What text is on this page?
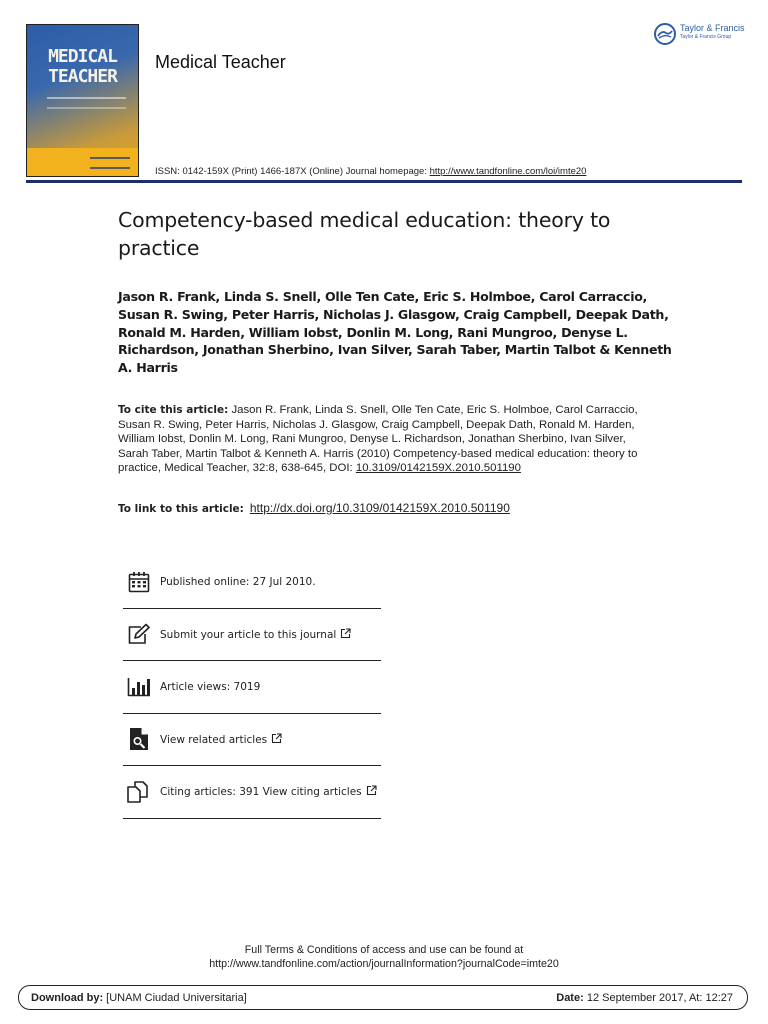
MEDICAL
TEACHER
Medical Teacher
ISSN: 0142-159X (Print) 1466-187X (Online) Journal homepage: http://www.tandfonline.com/loi/imte20
Taylor & Francis
Taylor & Francis Group
Competency-based medical education: theory to practice
Jason R. Frank, Linda S. Snell, Olle Ten Cate, Eric S. Holmboe, Carol Carraccio, Susan R. Swing, Peter Harris, Nicholas J. Glasgow, Craig Campbell, Deepak Dath, Ronald M. Harden, William Iobst, Donlin M. Long, Rani Mungroo, Denyse L. Richardson, Jonathan Sherbino, Ivan Silver, Sarah Taber, Martin Talbot & Kenneth A. Harris
To cite this article: Jason R. Frank, Linda S. Snell, Olle Ten Cate, Eric S. Holmboe, Carol Carraccio, Susan R. Swing, Peter Harris, Nicholas J. Glasgow, Craig Campbell, Deepak Dath, Ronald M. Harden, William Iobst, Donlin M. Long, Rani Mungroo, Denyse L. Richardson, Jonathan Sherbino, Ivan Silver, Sarah Taber, Martin Talbot & Kenneth A. Harris (2010) Competency-based medical education: theory to practice, Medical Teacher, 32:8, 638-645, DOI: 10.3109/0142159X.2010.501190
To link to this article: http://dx.doi.org/10.3109/0142159X.2010.501190
Published online: 27 Jul 2010.
Submit your article to this journal
Article views: 7019
View related articles
Citing articles: 391 View citing articles
Full Terms & Conditions of access and use can be found at
http://www.tandfonline.com/action/journalInformation?journalCode=imte20
Download by: [UNAM Ciudad Universitaria]	Date: 12 September 2017, At: 12:27
